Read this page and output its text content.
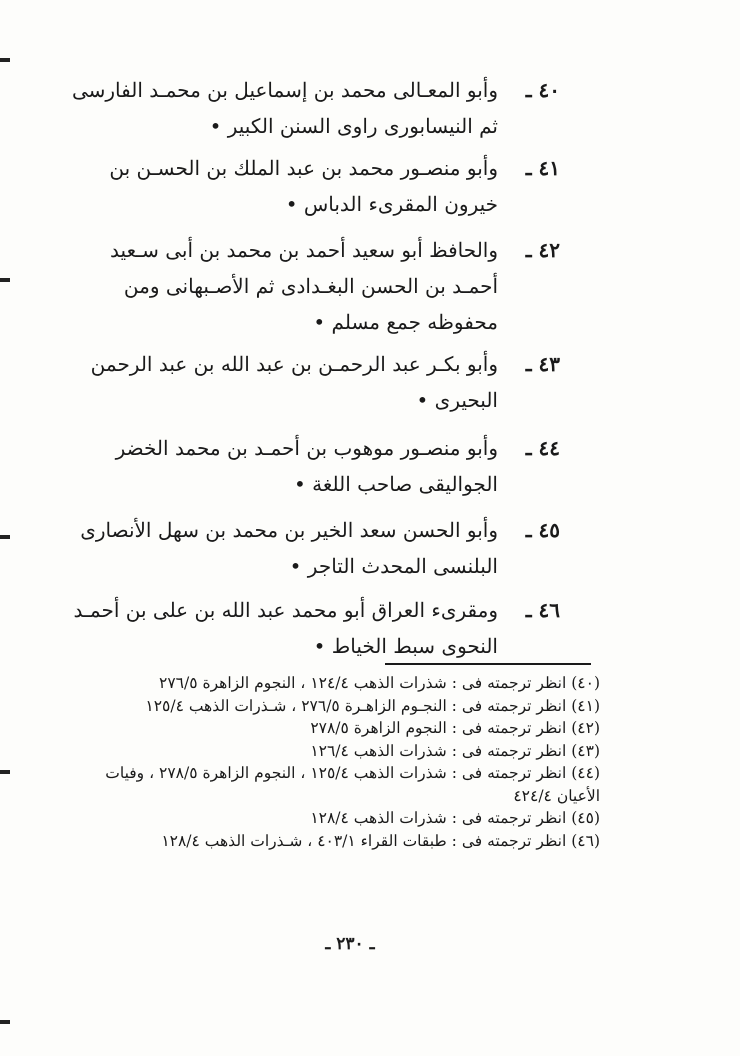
٤٠ ـوأبو المعـالى محمد بن إسماعيل بن محمـد الفارسى

ثم النيسابورى راوى السنن الكبير •

٤١ ـوأبو منصـور محمد بن عبد الملك بن الحسـن بن

خيرون المقرىء الدباس •

٤٢ ـوالحافظ أبو سعيد أحمد بن محمد بن أبى سـعيد

أحمـد بن الحسن البغـدادى ثم الأصـبهانى ومن

محفوظه جمع مسلم •

٤٣ ـوأبو بكـر عبد الرحمـن بن عبد الله بن عبد الرحمن

البحيرى •

٤٤ ـوأبو منصـور موهوب بن أحمـد بن محمد الخضر

الجواليقى صاحب اللغة •

٤٥ ـوأبو الحسن سعد الخير بن محمد بن سهل الأنصارى

البلنسى المحدث التاجر •

٤٦ ـومقرىء العراق أبو محمد عبد الله بن على بن أحمـد

النحوى سبط الخياط •

(٤٠) انظر ترجمته فى : شذرات الذهب ١٢٤/٤ ، النجوم الزاهرة ٢٧٦/٥

(٤١) انظر ترجمته فى : النجـوم الزاهـرة ٢٧٦/٥ ، شـذرات الذهب ١٢٥/٤

(٤٢) انظر ترجمته فى : النجوم الزاهرة ٢٧٨/٥

(٤٣) انظر ترجمته فى : شذرات الذهب ١٢٦/٤

(٤٤) انظر ترجمته فى : شذرات الذهب ١٢٥/٤ ، النجوم الزاهرة ٢٧٨/٥ ، وفيات الأعيان ٤٢٤/٤

(٤٥) انظر ترجمته فى : شذرات الذهب ١٢٨/٤

(٤٦) انظر ترجمته فى : طبقات القراء ٤٠٣/١ ، شـذرات الذهب ١٢٨/٤

ـ ٢٣٠ ـ
